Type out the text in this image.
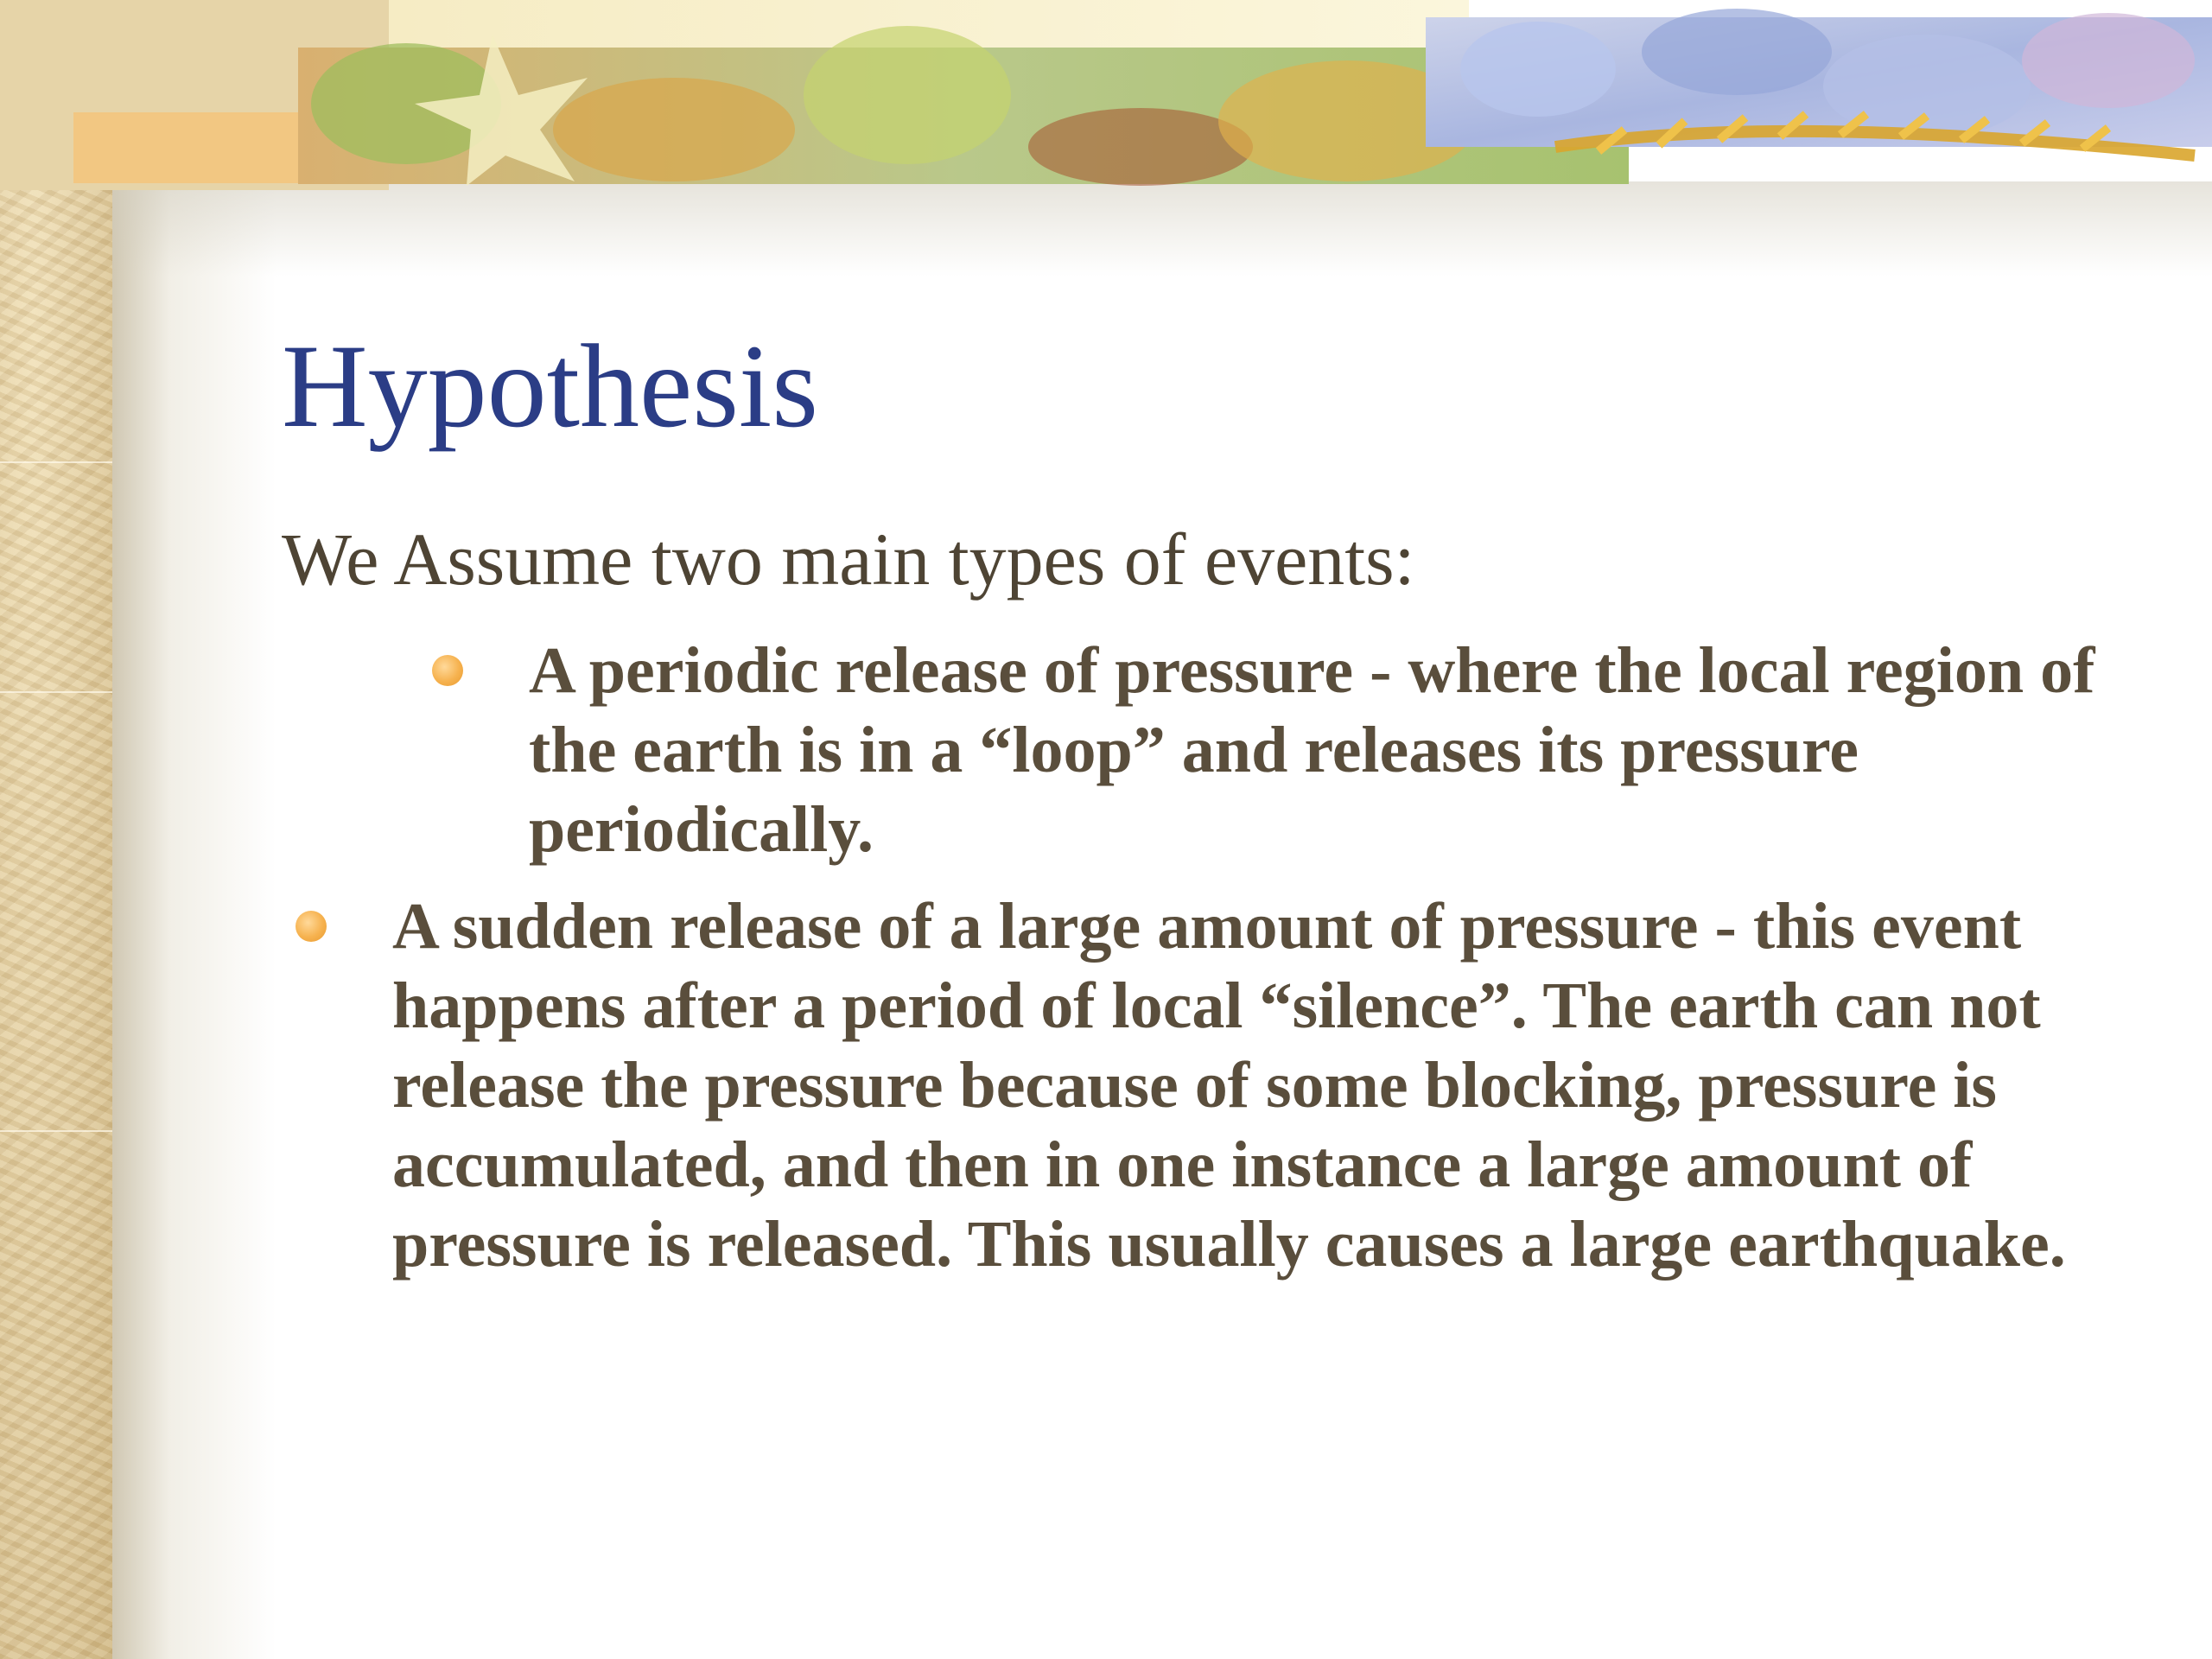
Hypothesis

We Assume two main types of events:

A periodic release of pressure - where the local region of the earth is in a “loop” and releases its pressure periodically.
A sudden release of a large amount of pressure - this event happens after a period of local “silence”. The earth can not release the pressure because of some blocking, pressure is accumulated, and then in one instance a large amount of pressure is released. This usually causes a large earthquake.
